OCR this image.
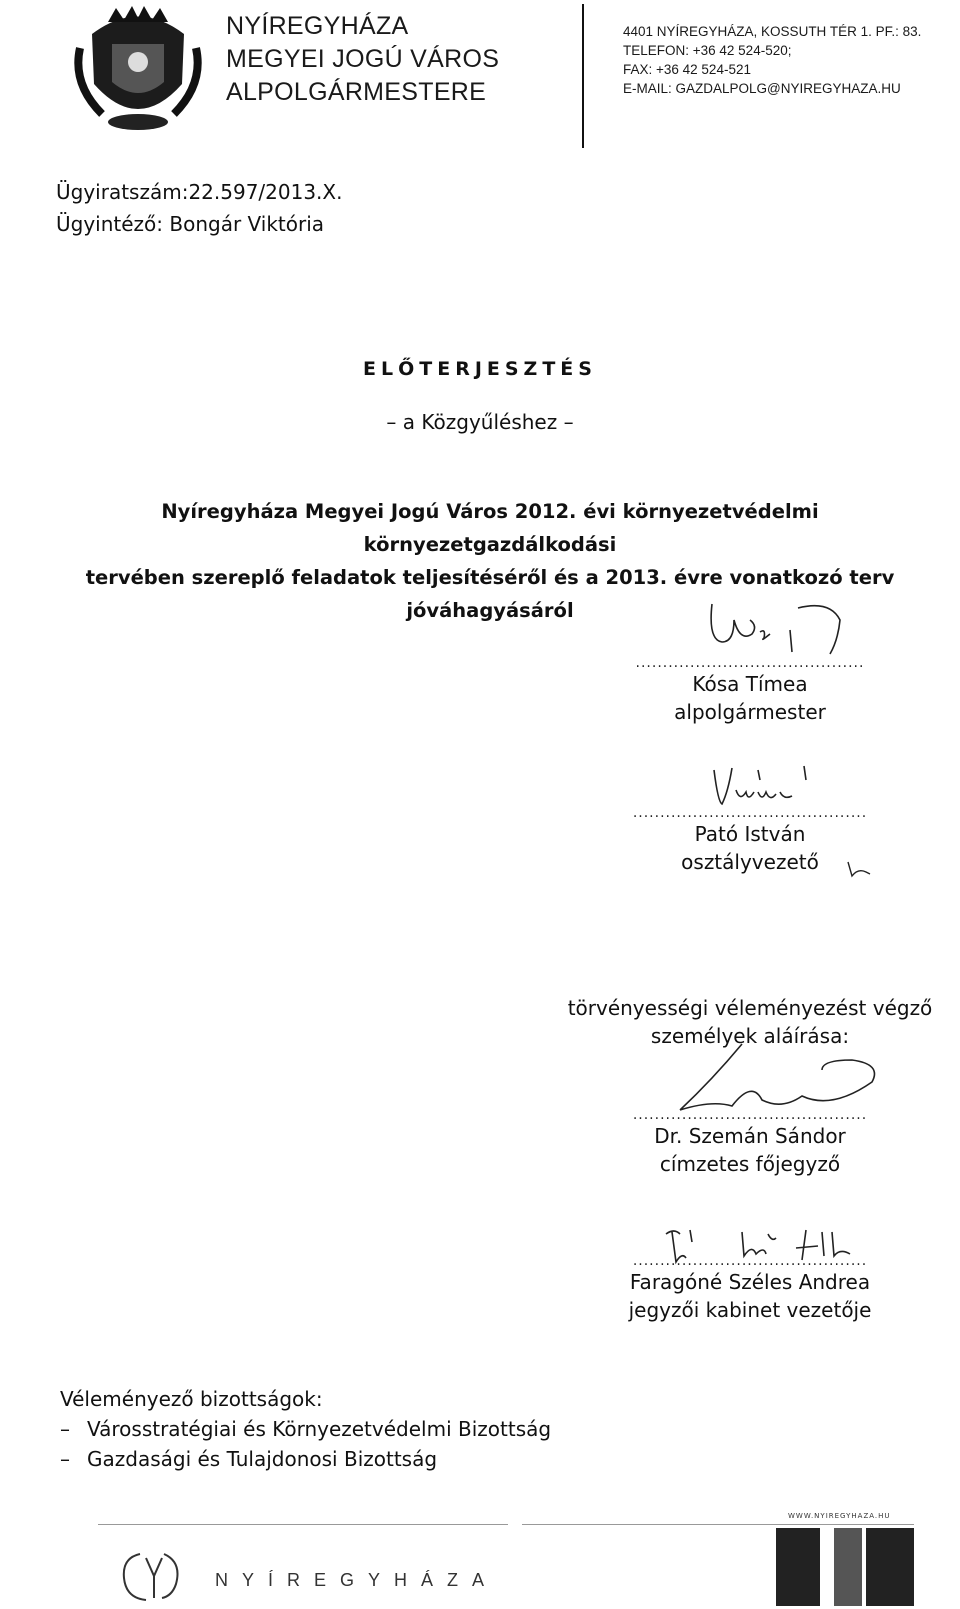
NYÍREGYHÁZA
MEGYEI JOGÚ VÁROS
ALPOLGÁRMESTERE
4401 NYÍREGYHÁZA, KOSSUTH TÉR 1. PF.: 83.
TELEFON: +36 42 524-520;
FAX: +36 42 524-521
E-MAIL: GAZDALPOLG@NYIREGYHAZA.HU
Ügyiratszám:22.597/2013.X.
Ügyintéző: Bongár Viktória
ELŐTERJESZTÉS
– a Közgyűléshez –
Nyíregyháza Megyei Jogú Város 2012. évi környezetvédelmi környezetgazdálkodási
tervében szereplő feladatok teljesítéséről és a 2013. évre vonatkozó terv jóváhagyásáról
..........................................
Kósa Tímea
alpolgármester
...........................................
Pató István
osztályvezető
törvényességi véleményezést végző
személyek aláírása:
...........................................
Dr. Szemán Sándor
címzetes főjegyző
...........................................
Faragóné Széles Andrea
jegyzői kabinet vezetője
Véleményező bizottságok:
– Városstratégiai és Környezetvédelmi Bizottság
– Gazdasági és Tulajdonosi Bizottság
WWW.NYIREGYHAZA.HU
NYÍREGYHÁZA
